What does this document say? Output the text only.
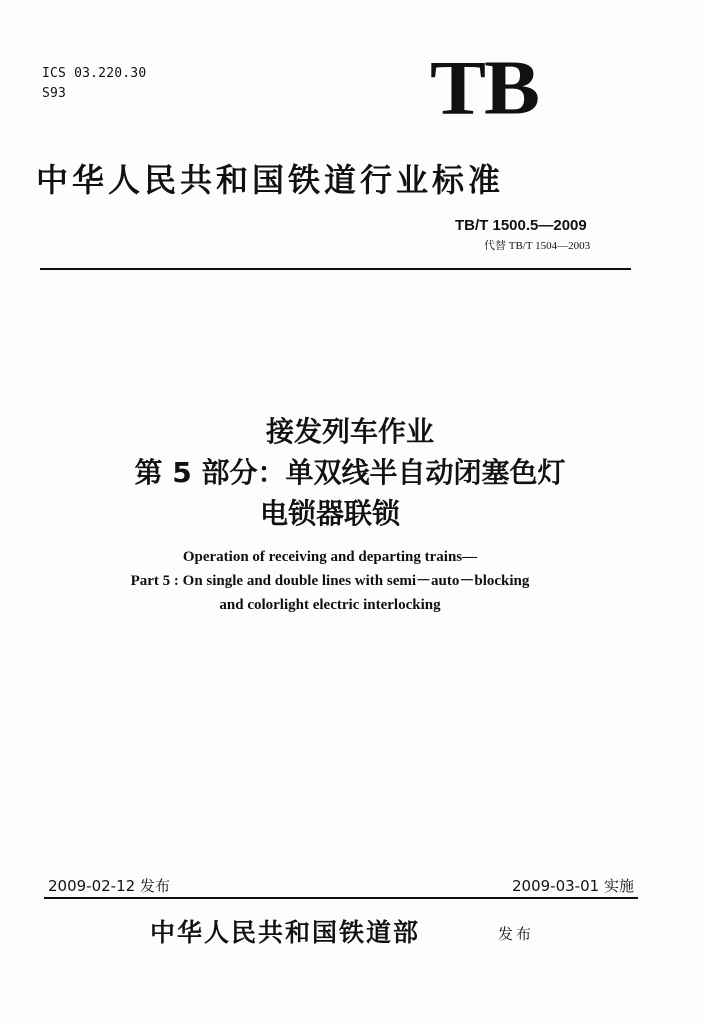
ICS 03.220.30
S93	TB
中华人民共和国铁道行业标准
TB/T 1500.5—2009
代替 TB/T 1504—2003
接发列车作业
第 5 部分：单双线半自动闭塞色灯
电锁器联锁
Operation of receiving and departing trains—
Part 5 : On single and double lines with semi－auto－blocking
and colorlight electric interlocking
2009-02-12 发布	2009-03-01 实施
中华人民共和国铁道部	发布
